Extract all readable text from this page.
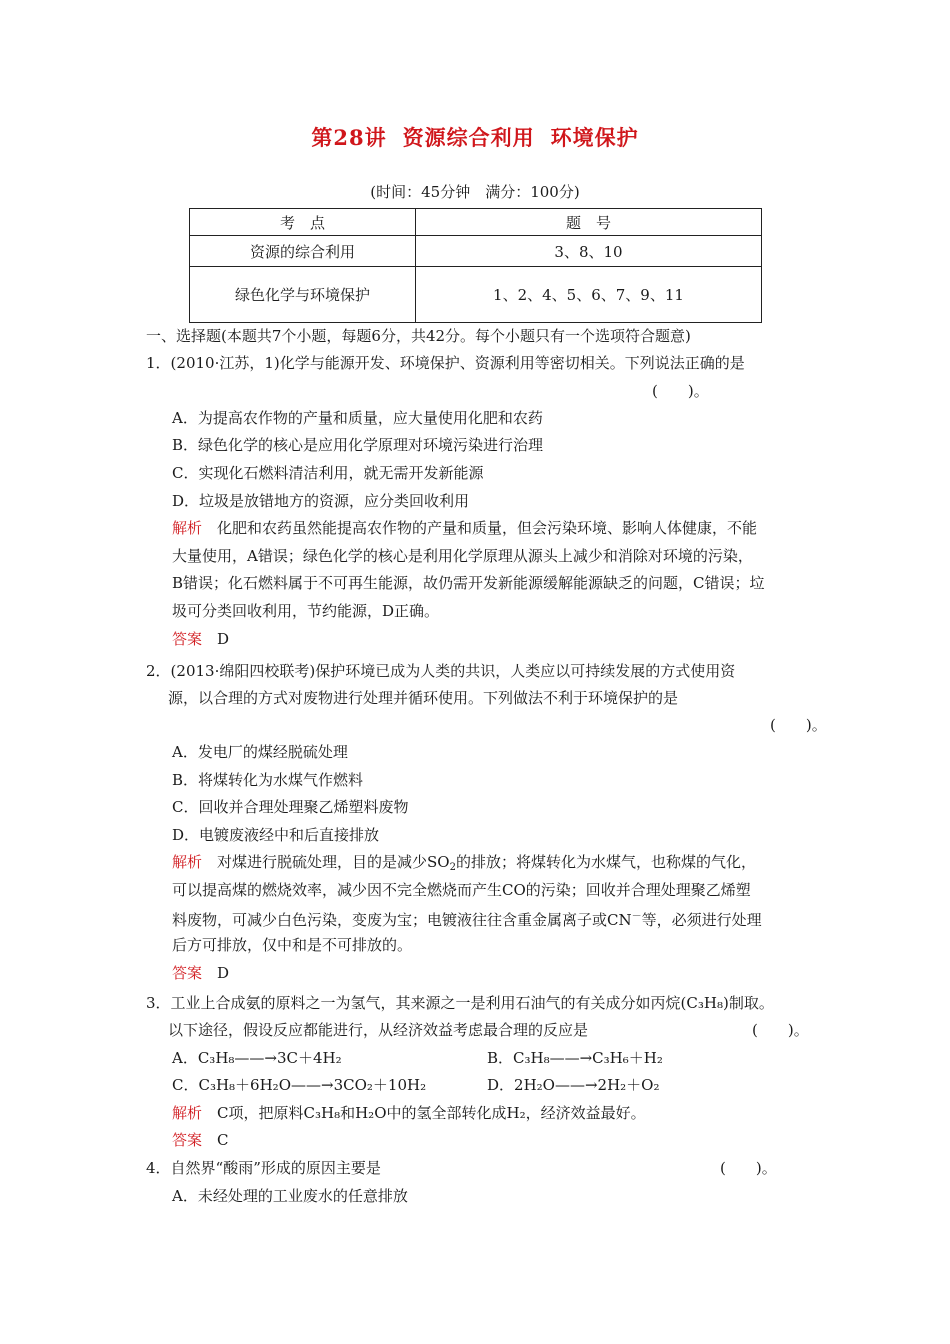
第28讲 资源综合利用 环境保护
(时间：45分钟　满分：100分)
考　点	题　号
资源的综合利用	3、8、10
绿色化学与环境保护	1、2、4、5、6、7、9、11
一、选择题(本题共7个小题，每题6分，共42分。每个小题只有一个选项符合题意)
1．(2010·江苏，1)化学与能源开发、环境保护、资源利用等密切相关。下列说法正确的是
(　　)。
A．为提高农作物的产量和质量，应大量使用化肥和农药
B．绿色化学的核心是应用化学原理对环境污染进行治理
C．实现化石燃料清洁利用，就无需开发新能源
D．垃圾是放错地方的资源，应分类回收利用
解析　 化肥和农药虽然能提高农作物的产量和质量，但会污染环境、影响人体健康，不能
大量使用，A错误；绿色化学的核心是利用化学原理从源头上减少和消除对环境的污染，
B错误；化石燃料属于不可再生能源，故仍需开发新能源缓解能源缺乏的问题，C错误；垃
圾可分类回收利用，节约能源，D正确。
答案　 D
2．(2013·绵阳四校联考)保护环境已成为人类的共识，人类应以可持续发展的方式使用资
源，以合理的方式对废物进行处理并循环使用。下列做法不利于环境保护的是
(　　)。
A．发电厂的煤经脱硫处理
B．将煤转化为水煤气作燃料
C．回收并合理处理聚乙烯塑料废物
D．电镀废液经中和后直接排放
解析　 对煤进行脱硫处理，目的是减少$SO_2$的排放；将煤转化为水煤气，也称煤的气化，
可以提高煤的燃烧效率，减少因不完全燃烧而产生CO的污染；回收并合理处理聚乙烯塑
料废物，可减少白色污染，变废为宝；电镀液往往含重金属离子或CN－等，必须进行处理
后方可排放，仅中和是不可排放的。
答案　 D
3．工业上合成氨的原料之一为氢气，其来源之一是利用石油气的有关成分如丙烷(C₃H₈)制取。
以下途径，假设反应都能进行，从经济效益考虑最合理的反应是	(　　)。
A．C₃H₈——→3C＋4H₂	B．C₃H₈——→C₃H₆＋H₂
C．C₃H₈＋6H₂O——→3CO₂＋10H₂	D．2H₂O——→2H₂＋O₂
解析　 C项，把原料C₃H₈和H₂O中的氢全部转化成H₂，经济效益最好。
答案　 C
4．自然界“酸雨”形成的原因主要是	(　　)。
A．未经处理的工业废水的任意排放
